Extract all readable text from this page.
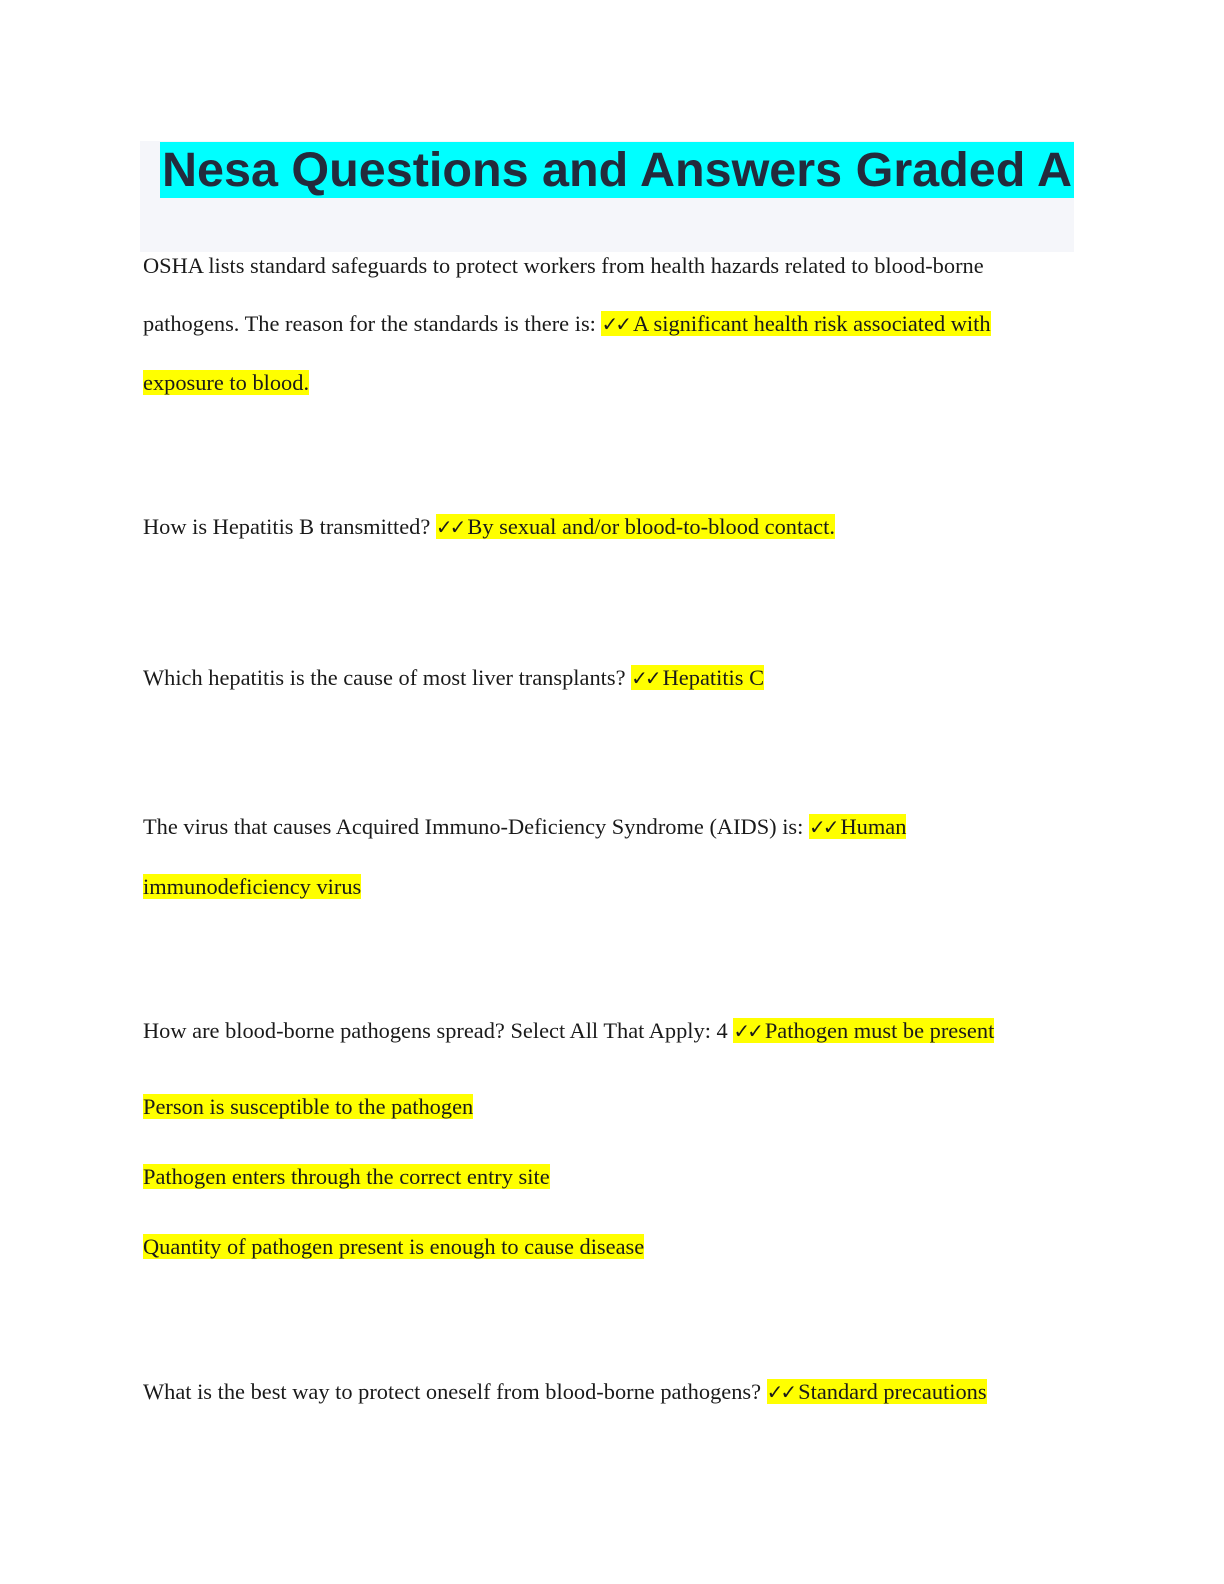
Nesa Questions and Answers Graded A
OSHA lists standard safeguards to protect workers from health hazards related to blood-borne
pathogens. The reason for the standards is there is: ✓✓ A significant health risk associated with
exposure to blood.
How is Hepatitis B transmitted? ✓✓ By sexual and/or blood-to-blood contact.
Which hepatitis is the cause of most liver transplants? ✓✓ Hepatitis C
The virus that causes Acquired Immuno-Deficiency Syndrome (AIDS) is: ✓✓ Human
immunodeficiency virus
How are blood-borne pathogens spread? Select All That Apply: 4 ✓✓ Pathogen must be present
Person is susceptible to the pathogen
Pathogen enters through the correct entry site
Quantity of pathogen present is enough to cause disease
What is the best way to protect oneself from blood-borne pathogens? ✓✓ Standard precautions
